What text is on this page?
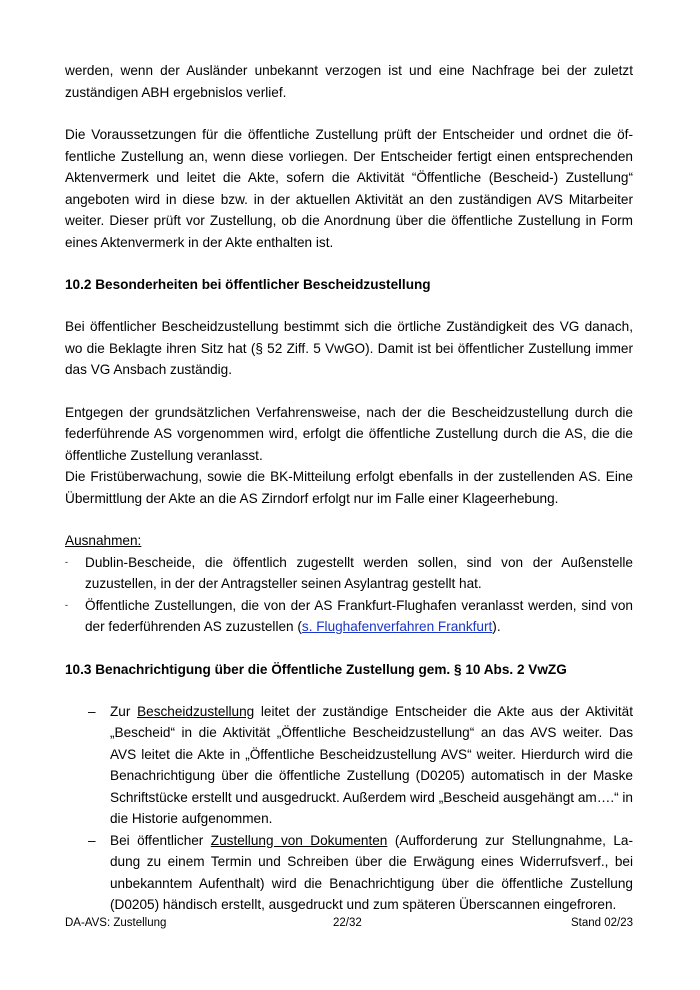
werden, wenn der Ausländer unbekannt verzogen ist und eine Nachfrage bei der zuletzt zuständigen ABH ergebnislos verlief.

Die Voraussetzungen für die öffentliche Zustellung prüft der Entscheider und ordnet die öf-fentliche Zustellung an, wenn diese vorliegen. Der Entscheider fertigt einen entsprechenden Aktenvermerk und leitet die Akte, sofern die Aktivität “Öffentliche (Bescheid-) Zustellung“ angeboten wird in diese bzw. in der aktuellen Aktivität an den zuständigen AVS Mitarbeiter weiter. Dieser prüft vor Zustellung, ob die Anordnung über die öffentliche Zustellung in Form eines Aktenvermerk in der Akte enthalten ist.

10.2 Besonderheiten bei öffentlicher Bescheidzustellung

Bei öffentlicher Bescheidzustellung bestimmt sich die örtliche Zuständigkeit des VG danach, wo die Beklagte ihren Sitz hat (§ 52 Ziff. 5 VwGO). Damit ist bei öffentlicher Zustellung immer das VG Ansbach zuständig.

Entgegen der grundsätzlichen Verfahrensweise, nach der die Bescheidzustellung durch die federführende AS vorgenommen wird, erfolgt die öffentliche Zustellung durch die AS, die die öffentliche Zustellung veranlasst.

Die Fristüberwachung, sowie die BK-Mitteilung erfolgt ebenfalls in der zustellenden AS. Eine Übermittlung der Akte an die AS Zirndorf erfolgt nur im Falle einer Klageerhebung.

Ausnahmen:

- Dublin-Bescheide, die öffentlich zugestellt werden sollen, sind von der Außenstelle zuzustellen, in der der Antragsteller seinen Asylantrag gestellt hat.
- Öffentliche Zustellungen, die von der AS Frankfurt-Flughafen veranlasst werden, sind von der federführenden AS zuzustellen (s. Flughafenverfahren Frankfurt).
10.3 Benachrichtigung über die Öffentliche Zustellung gem. § 10 Abs. 2 VwZG
– Zur Bescheidzustellung leitet der zuständige Entscheider die Akte aus der Aktivität „Bescheid“ in die Aktivität „Öffentliche Bescheidzustellung“ an das AVS weiter. Das AVS leitet die Akte in „Öffentliche Bescheidzustellung AVS“ weiter. Hierdurch wird die Benachrichtigung über die öffentliche Zustellung (D0205) automatisch in der Maske Schriftstücke erstellt und ausgedruckt. Außerdem wird „Bescheid ausgehängt am….“ in die Historie aufgenommen.
– Bei öffentlicher Zustellung von Dokumenten (Aufforderung zur Stellungnahme, La-dung zu einem Termin und Schreiben über die Erwägung eines Widerrufsverf., bei unbekanntem Aufenthalt) wird die Benachrichtigung über die öffentliche Zustellung (D0205) händisch erstellt, ausgedruckt und zum späteren Überscannen eingefroren.
DA-AVS: Zustellung	22/32	Stand 02/23
